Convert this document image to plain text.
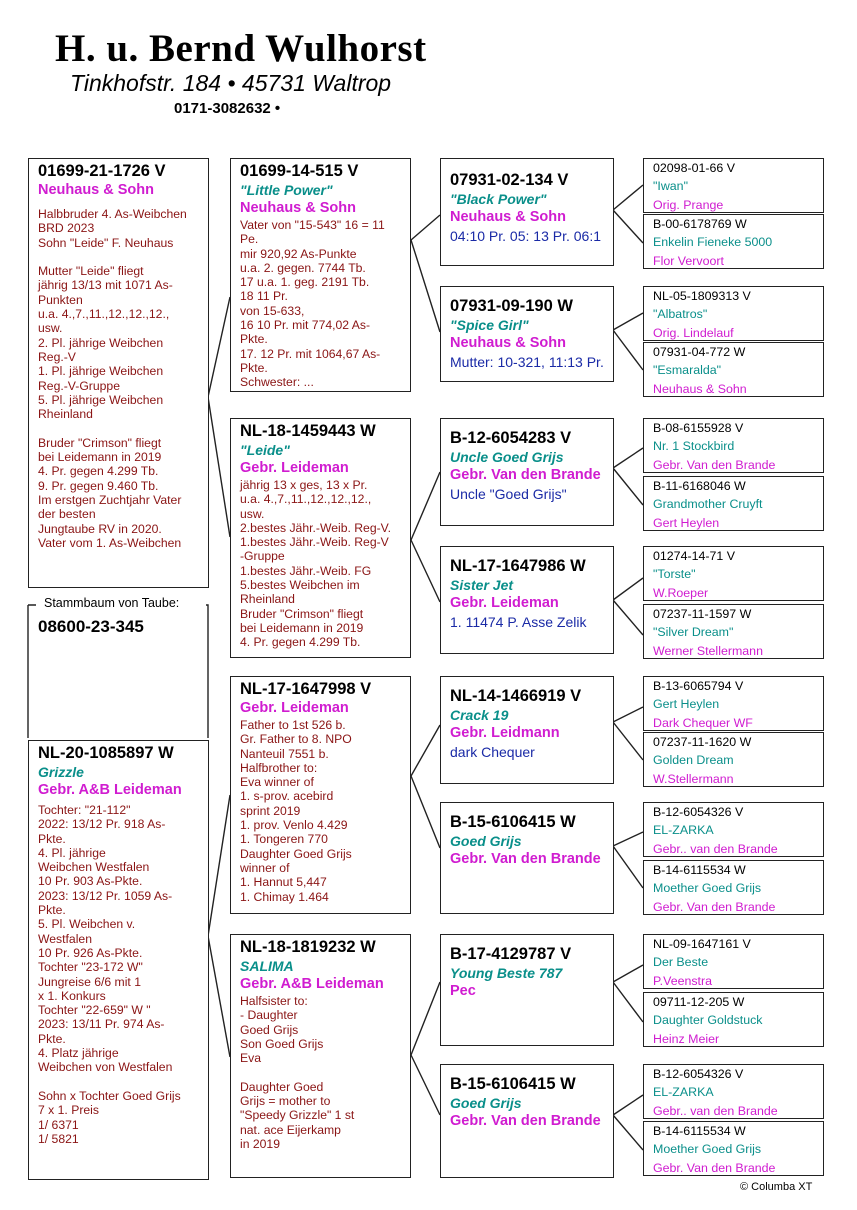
H. u. Bernd Wulhorst
Tinkhofstr. 184 • 45731 Waltrop
0171-3082632 •
Stammbaum von Taube:
08600-23-345
01699-21-1726 V
Neuhaus & Sohn
Halbbruder 4. As-Weibchen
BRD 2023
Sohn "Leide" F. Neuhaus

Mutter "Leide" fliegt
jährig 13/13 mit 1071 As-
Punkten
u.a. 4.,7.,11.,12.,12.,12.,
usw.
2. Pl. jährige Weibchen
Reg.-V
1. Pl. jährige Weibchen
Reg.-V-Gruppe
5. Pl. jährige Weibchen
Rheinland

Bruder "Crimson" fliegt
bei Leidemann in 2019
4. Pr. gegen 4.299 Tb.
9. Pr. gegen 9.460 Tb.
Im erstgen Zuchtjahr Vater
der besten
Jungtaube RV in 2020.
Vater vom 1. As-Weibchen
NL-20-1085897 W
Grizzle
Gebr. A&B Leideman
Tochter: "21-112"
2022: 13/12 Pr. 918 As-
Pkte.
4. Pl. jährige
Weibchen Westfalen
10 Pr. 903 As-Pkte.
2023: 13/12 Pr. 1059 As-
Pkte.
5. Pl. Weibchen v.
Westfalen
10 Pr. 926 As-Pkte.
Tochter "23-172 W"
Jungreise 6/6 mit 1
x 1. Konkurs
Tochter "22-659" W "
2023: 13/11 Pr. 974 As-
Pkte.
4. Platz jährige
Weibchen von Westfalen

Sohn x Tochter Goed Grijs
7 x 1. Preis
1/ 6371
1/ 5821
01699-14-515 V
"Little Power"
Neuhaus & Sohn
Vater von "15-543" 16 = 11
Pe.
mir 920,92 As-Punkte
u.a. 2. gegen. 7744 Tb.
17 u.a. 1. geg. 2191 Tb.
18 11 Pr.
von 15-633,
16 10 Pr. mit 774,02 As-
Pkte.
17. 12 Pr. mit 1064,67 As-
Pkte.
Schwester: ...
NL-18-1459443 W
"Leide"
Gebr. Leideman
jährig 13 x ges, 13 x Pr.
u.a. 4.,7.,11.,12.,12.,12.,
usw.
2.bestes Jähr.-Weib. Reg-V.
1.bestes Jähr.-Weib. Reg-V
-Gruppe
1.bestes Jähr.-Weib. FG
5.bestes Weibchen im
Rheinland
Bruder "Crimson" fliegt
bei Leidemann in 2019
4. Pr. gegen 4.299 Tb.
NL-17-1647998 V
Gebr. Leideman
Father to 1st 526 b.
Gr. Father to 8. NPO
Nanteuil 7551 b.
Halfbrother to:
Eva winner of
1. s-prov. acebird
sprint 2019
1. prov. Venlo 4.429
1. Tongeren 770
Daughter Goed Grijs
winner of
1. Hannut 5,447
1. Chimay 1.464
NL-18-1819232 W
SALIMA
Gebr. A&B Leideman
Halfsister to:
- Daughter
Goed Grijs
Son Goed Grijs
Eva

Daughter Goed
Grijs = mother to
"Speedy Grizzle" 1 st
nat. ace Eijerkamp
in 2019
07931-02-134 V
"Black Power"
Neuhaus & Sohn
04:10 Pr. 05: 13 Pr. 06:1
07931-09-190 W
"Spice Girl"
Neuhaus & Sohn
Mutter: 10-321, 11:13 Pr.
B-12-6054283 V
Uncle Goed Grijs
Gebr. Van den Brande
Uncle "Goed Grijs"
NL-17-1647986 W
Sister Jet
Gebr. Leideman
1. 11474 P. Asse Zelik
NL-14-1466919 V
Crack 19
Gebr. Leidmann
dark Chequer
B-15-6106415 W
Goed Grijs
Gebr. Van den Brande
B-17-4129787 V
Young Beste 787
Pec
B-15-6106415 W
Goed Grijs
Gebr. Van den Brande
02098-01-66 V
"Iwan"
Orig. Prange
B-00-6178769 W
Enkelin Fieneke 5000
Flor Vervoort
NL-05-1809313 V
"Albatros"
Orig. Lindelauf
07931-04-772 W
"Esmaralda"
Neuhaus & Sohn
B-08-6155928 V
Nr. 1 Stockbird
Gebr. Van den Brande
B-11-6168046 W
Grandmother Cruyft
Gert Heylen
01274-14-71 V
"Torste"
W.Roeper
07237-11-1597 W
"Silver Dream"
Werner Stellermann
B-13-6065794 V
Gert Heylen
Dark Chequer WF
07237-11-1620 W
Golden Dream
W.Stellermann
B-12-6054326 V
EL-ZARKA
Gebr.. van den Brande
B-14-6115534 W
Moether Goed Grijs
Gebr. Van den Brande
NL-09-1647161 V
Der Beste
P.Veenstra
09711-12-205 W
Daughter Goldstuck
Heinz Meier
B-12-6054326 V
EL-ZARKA
Gebr.. van den Brande
B-14-6115534 W
Moether Goed Grijs
Gebr. Van den Brande
© Columba XT
